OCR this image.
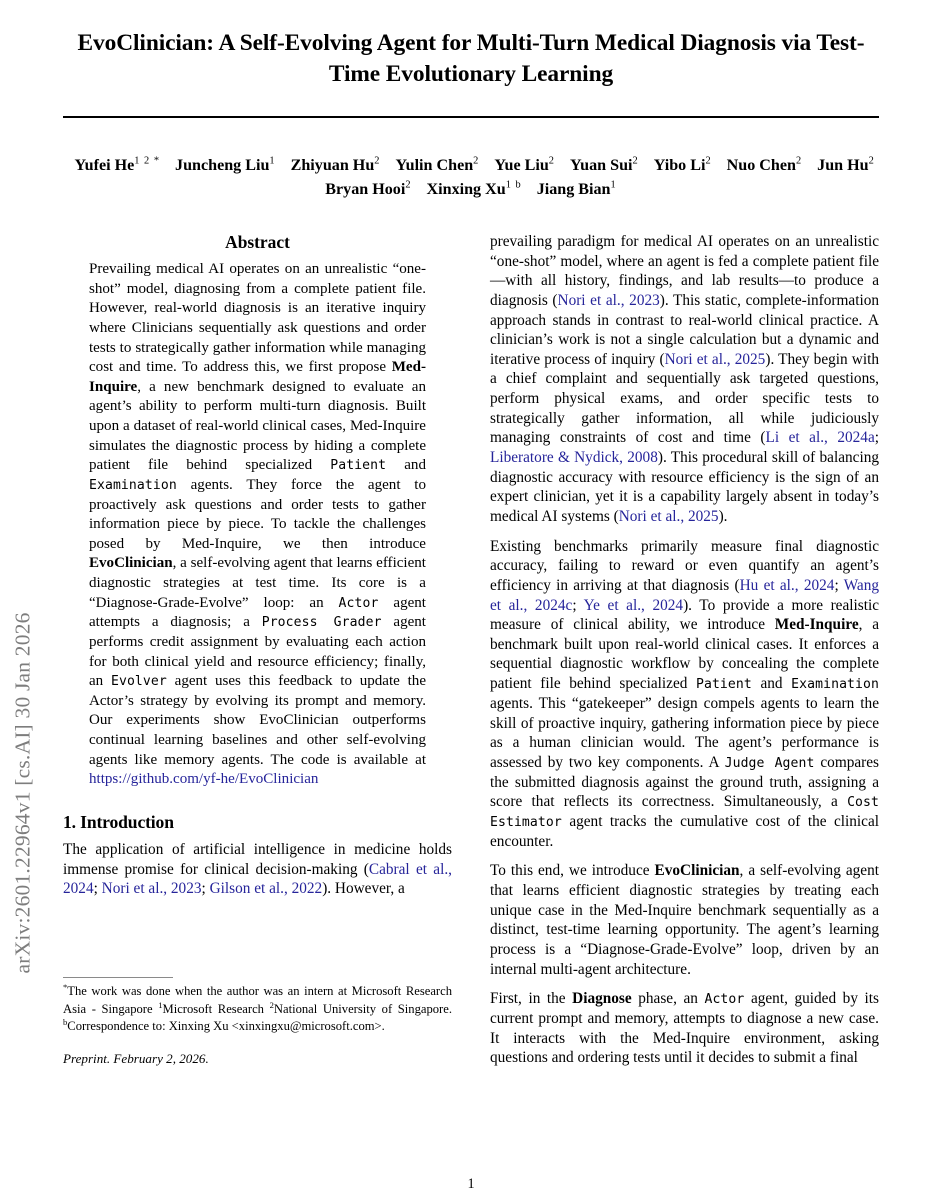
arXiv:2601.22964v1 [cs.AI] 30 Jan 2026
EvoClinician: A Self-Evolving Agent for Multi-Turn Medical Diagnosis via Test-Time Evolutionary Learning
Yufei $He^{1 2 *}$ Juncheng Liu$^1$ Zhiyuan Hu$^2$ Yulin Chen$^2$ Yue Liu$^2$ Yuan Sui$^2$ Yibo Li$^2$ Nuo Chen$^2$ Jun Hu$^2$
Bryan Hooi$^2$ Xinxing $Xu^{1 b}$ Jiang Bian$^1$
Abstract

Prevailing medical AI operates on an unrealistic “one-shot” model, diagnosing from a complete patient file. However, real-world diagnosis is an iterative inquiry where Clinicians sequentially ask questions and order tests to strategically gather information while managing cost and time. To address this, we first propose Med-Inquire, a new benchmark designed to evaluate an agent’s ability to perform multi-turn diagnosis. Built upon a dataset of real-world clinical cases, Med-Inquire simulates the diagnostic process by hiding a complete patient file behind specialized Patient and Examination agents. They force the agent to proactively ask questions and order tests to gather information piece by piece. To tackle the challenges posed by Med-Inquire, we then introduce EvoClinician, a self-evolving agent that learns efficient diagnostic strategies at test time. Its core is a “Diagnose-Grade-Evolve” loop: an Actor agent attempts a diagnosis; a Process Grader agent performs credit assignment by evaluating each action for both clinical yield and resource efficiency; finally, an Evolver agent uses this feedback to update the Actor’s strategy by evolving its prompt and memory. Our experiments show EvoClinician outperforms continual learning baselines and other self-evolving agents like memory agents. The code is available at https://github.com/yf-he/EvoClinician

1. Introduction

The application of artificial intelligence in medicine holds immense promise for clinical decision-making (Cabral et al., 2024; Nori et al., 2023; Gilson et al., 2022). However, a

*The work was done when the author was an intern at Microsoft Research Asia - Singapore $^1$Microsoft Research $^2$National University of Singapore. $^b$Correspondence to: Xinxing Xu <xinxingxu@microsoft.com>.

Preprint. February 2, 2026.

prevailing paradigm for medical AI operates on an unrealistic “one-shot” model, where an agent is fed a complete patient file—with all history, findings, and lab results—to produce a diagnosis (Nori et al., 2023). This static, complete-information approach stands in contrast to real-world clinical practice. A clinician’s work is not a single calculation but a dynamic and iterative process of inquiry (Nori et al., 2025). They begin with a chief complaint and sequentially ask targeted questions, perform physical exams, and order specific tests to strategically gather information, all while judiciously managing constraints of cost and time (Li et al., 2024a; Liberatore & Nydick, 2008). This procedural skill of balancing diagnostic accuracy with resource efficiency is the sign of an expert clinician, yet it is a capability largely absent in today’s medical AI systems (Nori et al., 2025).

Existing benchmarks primarily measure final diagnostic accuracy, failing to reward or even quantify an agent’s efficiency in arriving at that diagnosis (Hu et al., 2024; Wang et al., 2024c; Ye et al., 2024). To provide a more realistic measure of clinical ability, we introduce Med-Inquire, a benchmark built upon real-world clinical cases. It enforces a sequential diagnostic workflow by concealing the complete patient file behind specialized Patient and Examination agents. This “gatekeeper” design compels agents to learn the skill of proactive inquiry, gathering information piece by piece as a human clinician would. The agent’s performance is assessed by two key components. A Judge Agent compares the submitted diagnosis against the ground truth, assigning a score that reflects its correctness. Simultaneously, a Cost Estimator agent tracks the cumulative cost of the clinical encounter.

To this end, we introduce EvoClinician, a self-evolving agent that learns efficient diagnostic strategies by treating each unique case in the Med-Inquire benchmark sequentially as a distinct, test-time learning opportunity. The agent’s learning process is a “Diagnose-Grade-Evolve” loop, driven by an internal multi-agent architecture.

First, in the Diagnose phase, an Actor agent, guided by its current prompt and memory, attempts to diagnose a new case. It interacts with the Med-Inquire environment, asking questions and ordering tests until it decides to submit a final

1
